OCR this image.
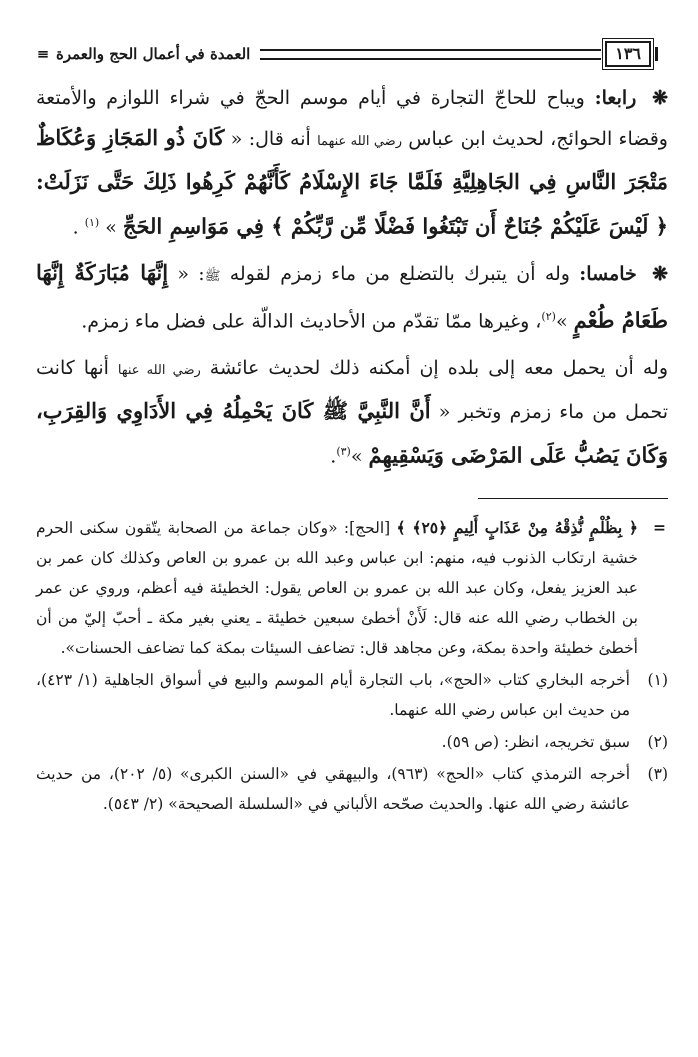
≡ العمدة في أعمال الحج والعمرة	١٣٦

❋ رابعا: ويباح للحاجّ التجارة في أيام موسم الحجّ في شراء اللوازم والأمتعة وقضاء الحوائج، لحديث ابن عباس رضي الله عنهما أنه قال: « كَانَ ذُو المَجَازِ وَعُكَاظٌ مَتْجَرَ النَّاسِ فِي الجَاهِلِيَّةِ فَلَمَّا جَاءَ الإِسْلَامُ كَأَنَّهُمْ كَرِهُوا ذَلِكَ حَتَّى نَزَلَتْ: ﴿ لَيْسَ عَلَيْكُمْ جُنَاحٌ أَن تَبْتَغُوا فَضْلًا مِّن رَّبِّكُمْ ﴾ فِي مَوَاسِمِ الحَجِّ » $^{(١)}$ .

❋ خامسا: وله أن يتبرك بالتضلع من ماء زمزم لقوله ﷺ: « إِنَّهَا مُبَارَكَةٌ إِنَّهَا طَعَامُ طُعْمٍ »$^{(٢)}$، وغيرها ممّا تقدّم من الأحاديث الدالّة على فضل ماء زمزم.

وله أن يحمل معه إلى بلده إن أمكنه ذلك لحديث عائشة رضي الله عنها أنها كانت تحمل من ماء زمزم وتخبر « أَنَّ النَّبِيَّ ﷺ كَانَ يَحْمِلُهُ فِي الأَدَاوِي وَالقِرَبِ، وَكَانَ يَصُبُّ عَلَى المَرْضَى وَيَسْقِيهِمْ »$^{(٣)}$.

=
﴿ بِظُلْمٍ نُّذِقْهُ مِنْ عَذَابٍ أَلِيمٍ ﴿٢٥﴾ ﴾ [الحج]: «وكان جماعة من الصحابة يتّقون سكنى الحرم خشية ارتكاب الذنوب فيه، منهم: ابن عباس وعبد الله بن عمرو بن العاص وكذلك كان عمر بن عبد العزيز يفعل، وكان عبد الله بن عمرو بن العاص يقول: الخطيئة فيه أعظم، وروي عن عمر بن الخطاب رضي الله عنه قال: لَأَنْ أخطئ سبعين خطيئة ـ يعني بغير مكة ـ أحبّ إليّ من أن أخطئ خطيئة واحدة بمكة، وعن مجاهد قال: تضاعف السيئات بمكة كما تضاعف الحسنات».
(١)
أخرجه البخاري كتاب «الحج»، باب التجارة أيام الموسم والبيع في أسواق الجاهلية (١/ ٤٢٣)، من حديث ابن عباس رضي الله عنهما.
(٢)
سبق تخريجه، انظر: (ص ٥٩).
(٣)
أخرجه الترمذي كتاب «الحج» (٩٦٣)، والبيهقي في «السنن الكبرى» (٥/ ٢٠٢)، من حديث عائشة رضي الله عنها. والحديث صحّحه الألباني في «السلسلة الصحيحة» (٢/ ٥٤٣).
